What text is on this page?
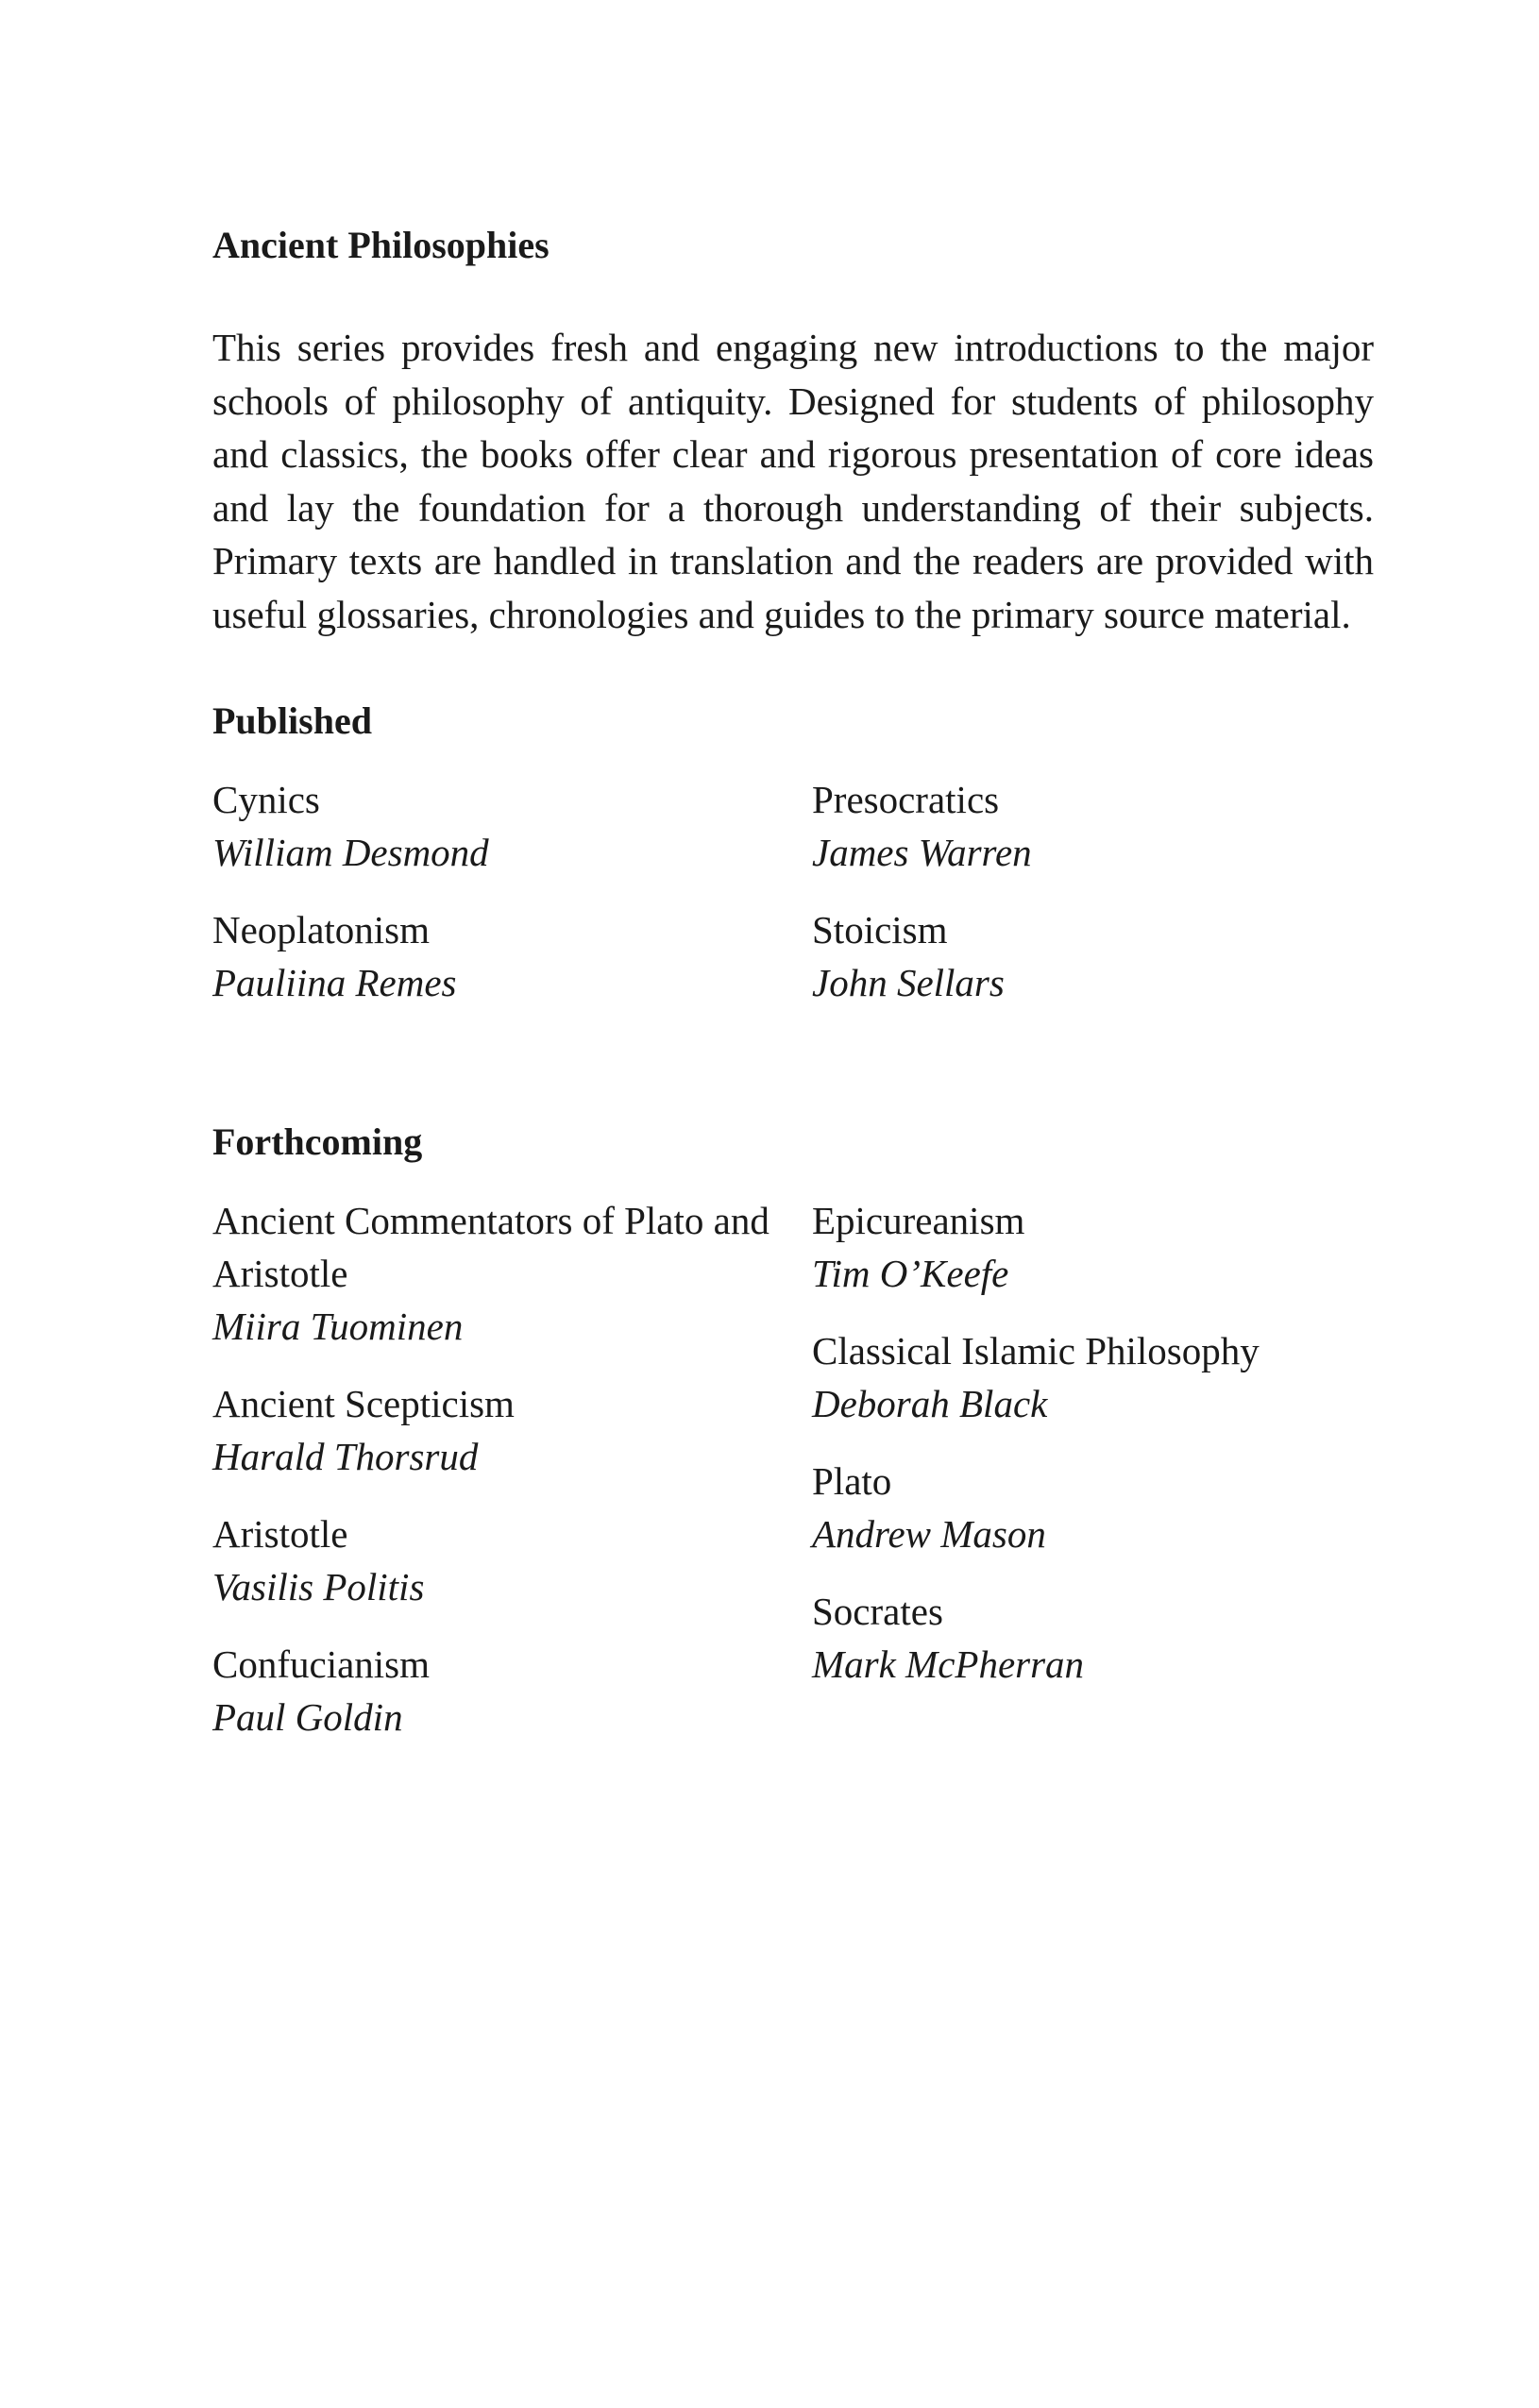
Ancient Philosophies

This series provides fresh and engaging new introductions to the major schools of philosophy of antiquity. Designed for students of philosophy and classics, the books offer clear and rigorous presentation of core ideas and lay the foundation for a thorough understanding of their subjects. Primary texts are handled in translation and the readers are provided with useful glossaries, chronologies and guides to the primary source material.

Published
Cynics
William Desmond
Neoplatonism
Pauliina Remes
Presocratics
James Warren
Stoicism
John Sellars
Forthcoming
Ancient Commentators of Plato and Aristotle
Miira Tuominen
Ancient Scepticism
Harald Thorsrud
Aristotle
Vasilis Politis
Confucianism
Paul Goldin
Epicureanism
Tim O’Keefe
Classical Islamic Philosophy
Deborah Black
Plato
Andrew Mason
Socrates
Mark McPherran
